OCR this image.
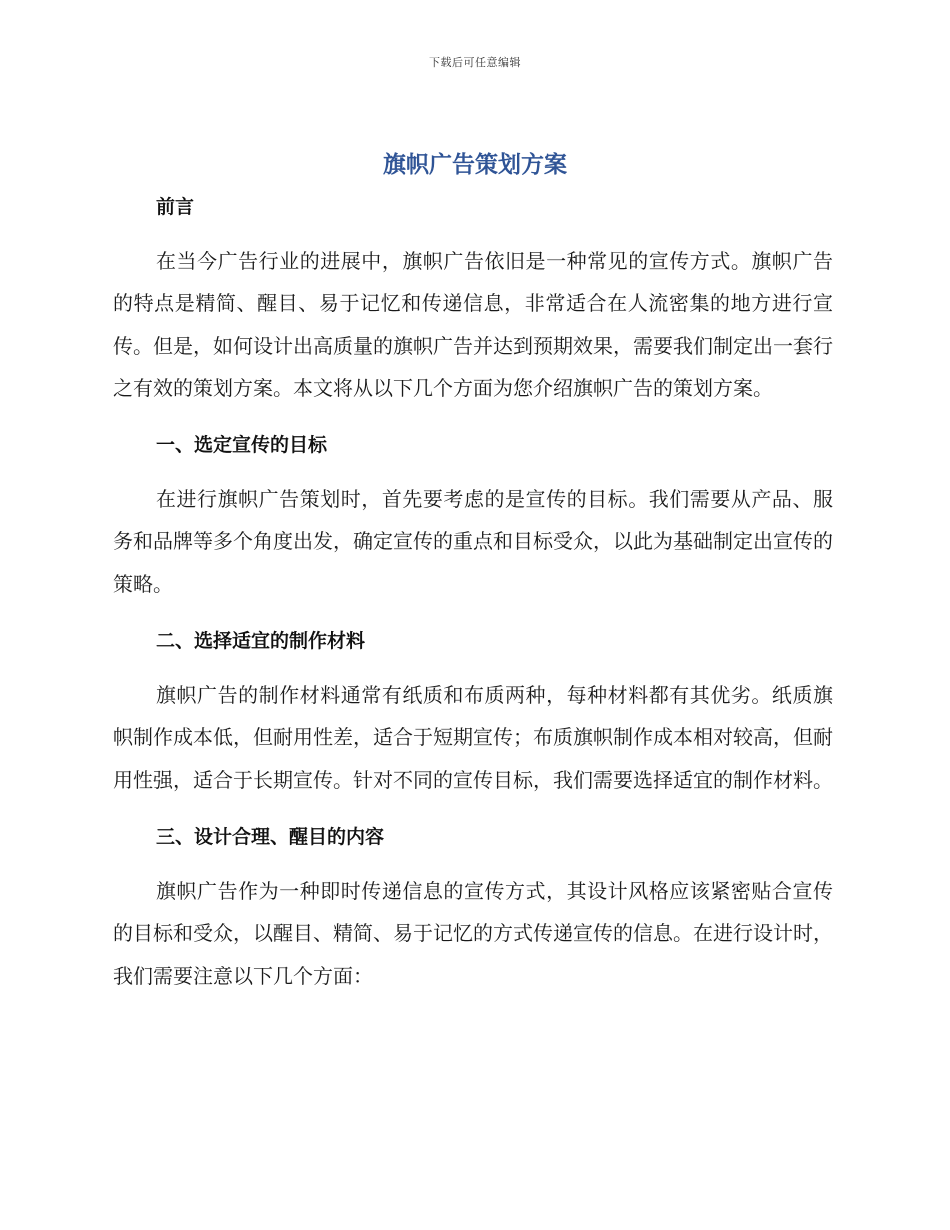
下载后可任意编辑
旗帜广告策划方案
前言

在当今广告行业的进展中，旗帜广告依旧是一种常见的宣传方式。旗帜广告的特点是精简、醒目、易于记忆和传递信息，非常适合在人流密集的地方进行宣传。但是，如何设计出高质量的旗帜广告并达到预期效果，需要我们制定出一套行之有效的策划方案。本文将从以下几个方面为您介绍旗帜广告的策划方案。

一、选定宣传的目标

在进行旗帜广告策划时，首先要考虑的是宣传的目标。我们需要从产品、服务和品牌等多个角度出发，确定宣传的重点和目标受众，以此为基础制定出宣传的策略。

二、选择适宜的制作材料

旗帜广告的制作材料通常有纸质和布质两种，每种材料都有其优劣。纸质旗帜制作成本低，但耐用性差，适合于短期宣传；布质旗帜制作成本相对较高，但耐用性强，适合于长期宣传。针对不同的宣传目标，我们需要选择适宜的制作材料。

三、设计合理、醒目的内容

旗帜广告作为一种即时传递信息的宣传方式，其设计风格应该紧密贴合宣传的目标和受众，以醒目、精简、易于记忆的方式传递宣传的信息。在进行设计时，我们需要注意以下几个方面：
